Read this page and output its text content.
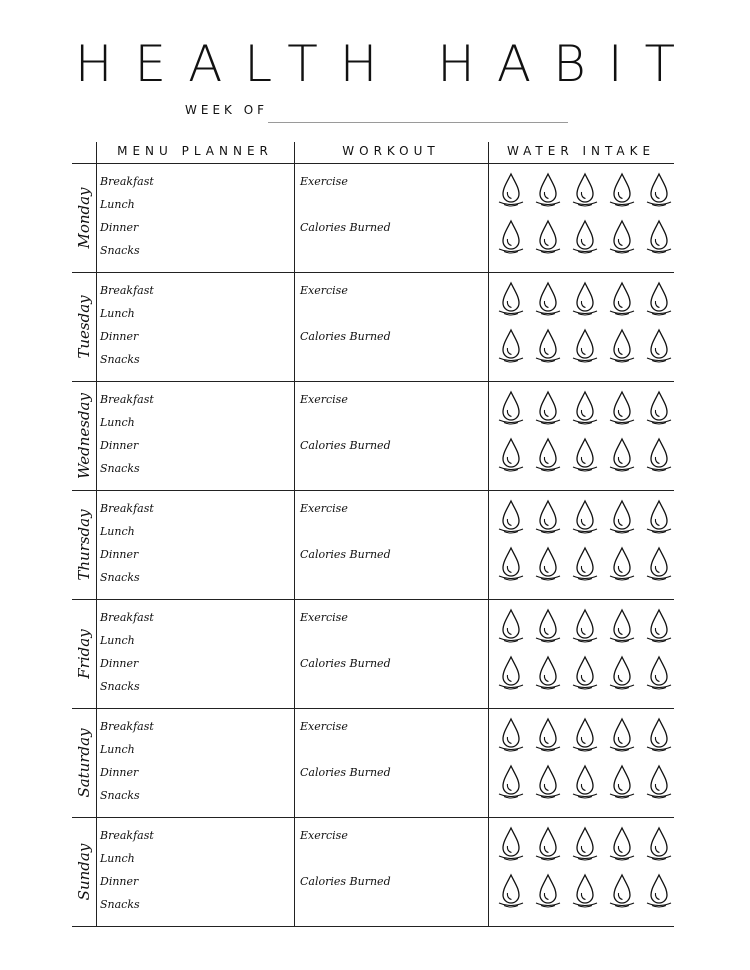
HEALTH HABIT
WEEK OF
MENU PLANNER	WORKOUT	WATER INTAKE
Monday
Breakfast
Lunch
Dinner
Snacks
Exercise
Calories Burned
Tuesday
Breakfast
Lunch
Dinner
Snacks
Exercise
Calories Burned
Wednesday Breakfast
Lunch
Dinner
Snacks
Exercise
Calories Burned
Thursday
Breakfast
Lunch
Dinner
Snacks
Exercise
Calories Burned
Friday
Breakfast
Lunch
Dinner
Snacks
Exercise
Calories Burned
Saturday
Breakfast
Lunch
Dinner
Snacks
Exercise
Calories Burned
Sunday
Breakfast
Lunch
Dinner
Snacks
Exercise
Calories Burned
